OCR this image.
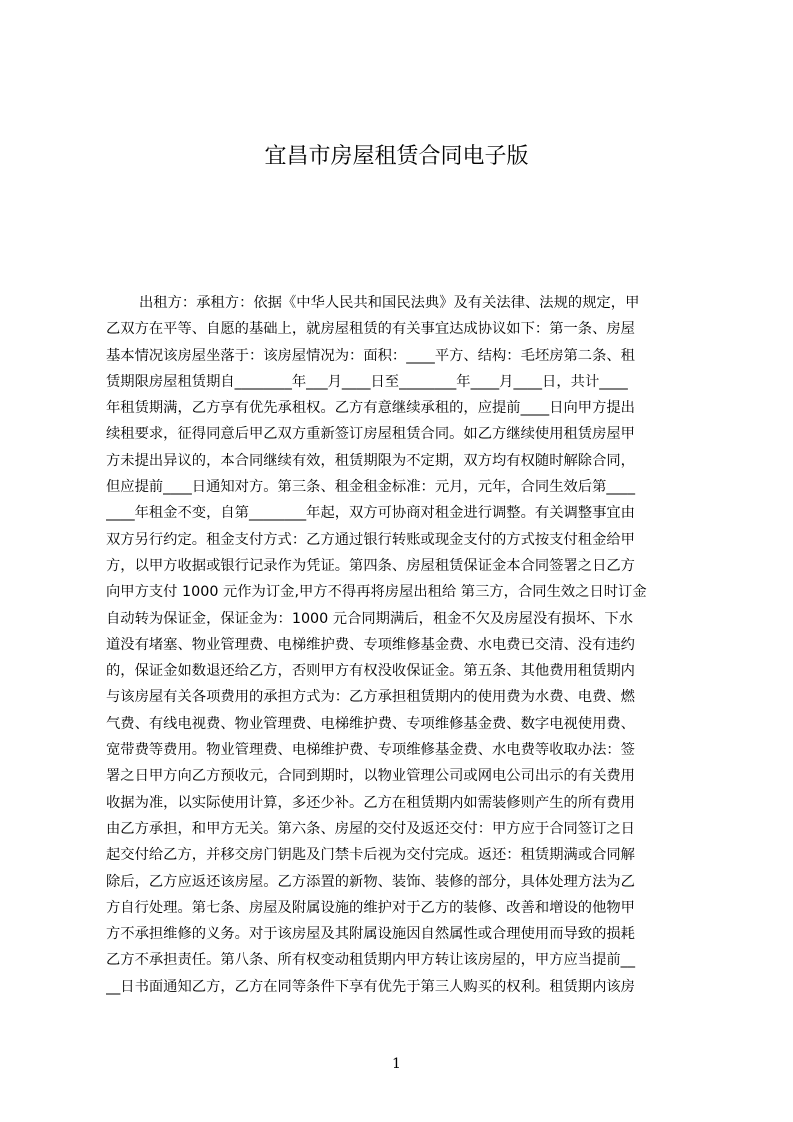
宜昌市房屋租赁合同电子版
出租方：承租方：依据《中华人民共和国民法典》及有关法律、法规的规定，甲
乙双方在平等、自愿的基础上，就房屋租赁的有关事宜达成协议如下：第一条、房屋
基本情况该房屋坐落于：该房屋情况为：面积：____平方、结构：毛坯房第二条、租
赁期限房屋租赁期自________年___月____日至________年____月____日，共计____
年租赁期满，乙方享有优先承租权。乙方有意继续承租的，应提前____日向甲方提出
续租要求，征得同意后甲乙双方重新签订房屋租赁合同。如乙方继续使用租赁房屋甲
方未提出异议的，本合同继续有效，租赁期限为不定期，双方均有权随时解除合同，
但应提前____日通知对方。第三条、租金租金标准：元月，元年，合同生效后第____
____年租金不变，自第________年起，双方可协商对租金进行调整。有关调整事宜由
双方另行约定。租金支付方式：乙方通过银行转账或现金支付的方式按支付租金给甲
方，以甲方收据或银行记录作为凭证。第四条、房屋租赁保证金本合同签署之日乙方
向甲方支付 1000 元作为订金,甲方不得再将房屋出租给 第三方，合同生效之日时订金
自动转为保证金，保证金为：1000 元合同期满后，租金不欠及房屋没有损坏、下水
道没有堵塞、物业管理费、电梯维护费、专项维修基金费、水电费已交清、没有违约
的，保证金如数退还给乙方，否则甲方有权没收保证金。第五条、其他费用租赁期内
与该房屋有关各项费用的承担方式为：乙方承担租赁期内的使用费为水费、电费、燃
气费、有线电视费、物业管理费、电梯维护费、专项维修基金费、数字电视使用费、
宽带费等费用。物业管理费、电梯维护费、专项维修基金费、水电费等收取办法：签
署之日甲方向乙方预收元，合同到期时，以物业管理公司或网电公司出示的有关费用
收据为准，以实际使用计算，多还少补。乙方在租赁期内如需装修则产生的所有费用
由乙方承担，和甲方无关。第六条、房屋的交付及返还交付：甲方应于合同签订之日
起交付给乙方，并移交房门钥匙及门禁卡后视为交付完成。返还：租赁期满或合同解
除后，乙方应返还该房屋。乙方添置的新物、装饰、装修的部分，具体处理方法为乙
方自行处理。第七条、房屋及附属设施的维护对于乙方的装修、改善和增设的他物甲
方不承担维修的义务。对于该房屋及其附属设施因自然属性或合理使用而导致的损耗
乙方不承担责任。第八条、所有权变动租赁期内甲方转让该房屋的，甲方应当提前__
__日书面通知乙方，乙方在同等条件下享有优先于第三人购买的权利。租赁期内该房
1
